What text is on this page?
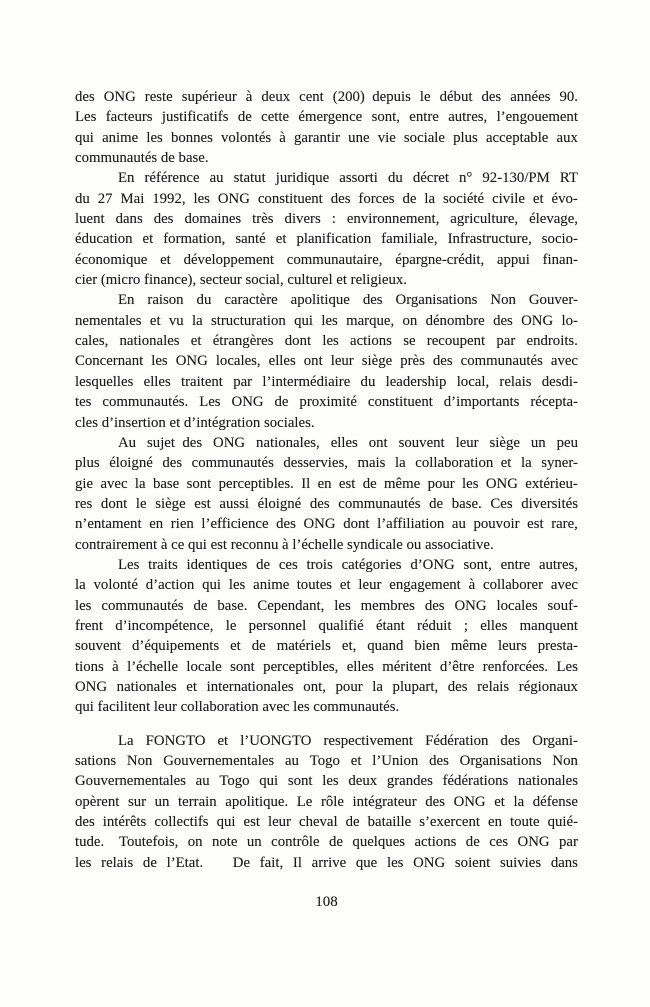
des ONG reste supérieur à deux cent (200) depuis le début des années 90.
Les facteurs justificatifs de cette émergence sont, entre autres, l’engouement
qui anime les bonnes volontés à garantir une vie sociale plus acceptable aux
communautés de base.
En référence au statut juridique assorti du décret n° 92-130/PM RT
du 27 Mai 1992, les ONG constituent des forces de la société civile et évo-
luent dans des domaines très divers : environnement, agriculture, élevage,
éducation et formation, santé et planification familiale, Infrastructure, socio-
économique et développement communautaire, épargne-crédit, appui finan-
cier (micro finance), secteur social, culturel et religieux.
En raison du caractère apolitique des Organisations Non Gouver-
nementales et vu la structuration qui les marque, on dénombre des ONG lo-
cales, nationales et étrangères dont les actions se recoupent par endroits.
Concernant les ONG locales, elles ont leur siège près des communautés avec
lesquelles elles traitent par l’intermédiaire du leadership local, relais desdi-
tes communautés. Les ONG de proximité constituent d’importants récepta-
cles d’insertion et d’intégration sociales.
Au sujet des ONG nationales, elles ont souvent leur siège un peu
plus éloigné des communautés desservies, mais la collaboration et la syner-
gie avec la base sont perceptibles. Il en est de même pour les ONG extérieu-
res dont le siège est aussi éloigné des communautés de base. Ces diversités
n’entament en rien l’efficience des ONG dont l’affiliation au pouvoir est rare,
contrairement à ce qui est reconnu à l’échelle syndicale ou associative.
Les traits identiques de ces trois catégories d’ONG sont, entre autres,
la volonté d’action qui les anime toutes et leur engagement à collaborer avec
les communautés de base. Cependant, les membres des ONG locales souf-
frent d’incompétence, le personnel qualifié étant réduit ; elles manquent
souvent d’équipements et de matériels et, quand bien même leurs presta-
tions à l’échelle locale sont perceptibles, elles méritent d’être renforcées. Les
ONG nationales et internationales ont, pour la plupart, des relais régionaux
qui facilitent leur collaboration avec les communautés.
La FONGTO et l’UONGTO respectivement Fédération des Organi-
sations Non Gouvernementales au Togo et l’Union des Organisations Non
Gouvernementales au Togo qui sont les deux grandes fédérations nationales
opèrent sur un terrain apolitique. Le rôle intégrateur des ONG et la défense
des intérêts collectifs qui est leur cheval de bataille s’exercent en toute quié-
tude. Toutefois, on note un contrôle de quelques actions de ces ONG par
les relais de l’Etat.  De fait, Il arrive que les ONG soient suivies dans
108
